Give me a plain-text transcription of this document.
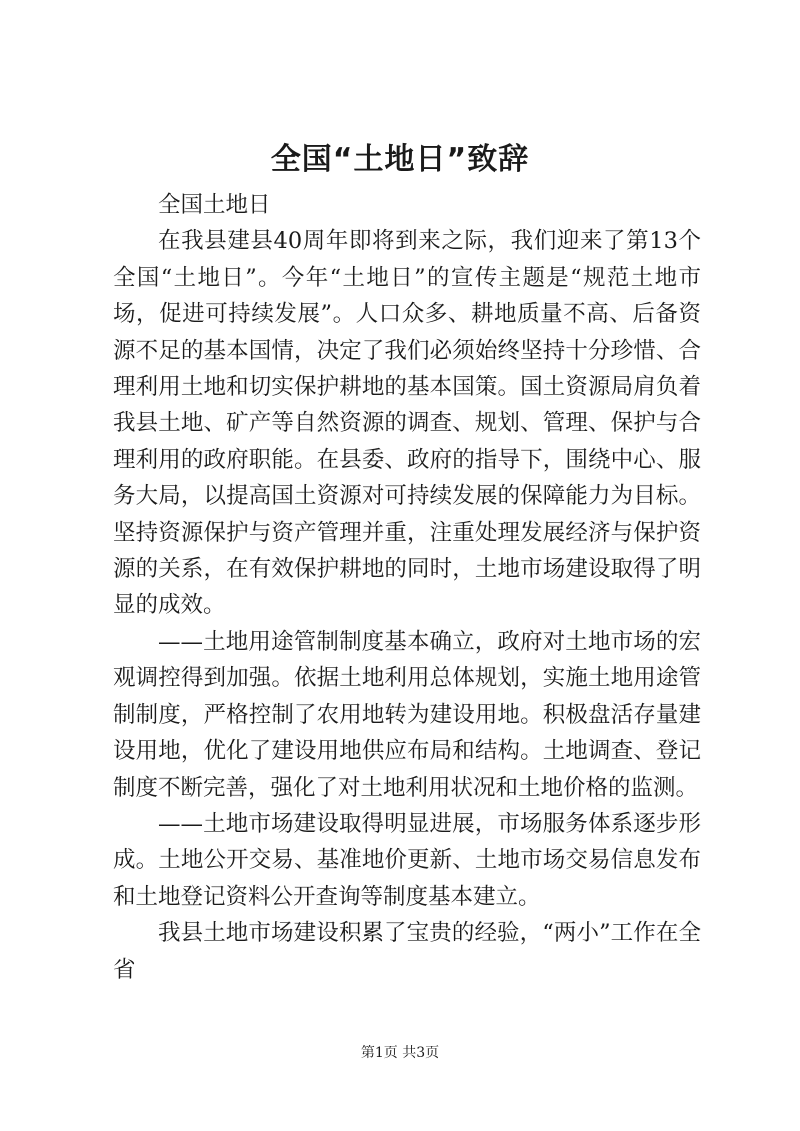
全国“土地日”致辞

全国土地日

在我县建县40周年即将到来之际，我们迎来了第13个全国“土地日”。今年“土地日”的宣传主题是“规范土地市场，促进可持续发展”。人口众多、耕地质量不高、后备资源不足的基本国情，决定了我们必须始终坚持十分珍惜、合理利用土地和切实保护耕地的基本国策。国土资源局肩负着我县土地、矿产等自然资源的调查、规划、管理、保护与合理利用的政府职能。在县委、政府的指导下，围绕中心、服务大局，以提高国土资源对可持续发展的保障能力为目标。坚持资源保护与资产管理并重，注重处理发展经济与保护资源的关系，在有效保护耕地的同时，土地市场建设取得了明显的成效。

——土地用途管制制度基本确立，政府对土地市场的宏观调控得到加强。依据土地利用总体规划，实施土地用途管制制度，严格控制了农用地转为建设用地。积极盘活存量建设用地，优化了建设用地供应布局和结构。土地调查、登记制度不断完善，强化了对土地利用状况和土地价格的监测。

——土地市场建设取得明显进展，市场服务体系逐步形成。土地公开交易、基准地价更新、土地市场交易信息发布和土地登记资料公开查询等制度基本建立。

我县土地市场建设积累了宝贵的经验，“两小”工作在全省

第1页 共3页
